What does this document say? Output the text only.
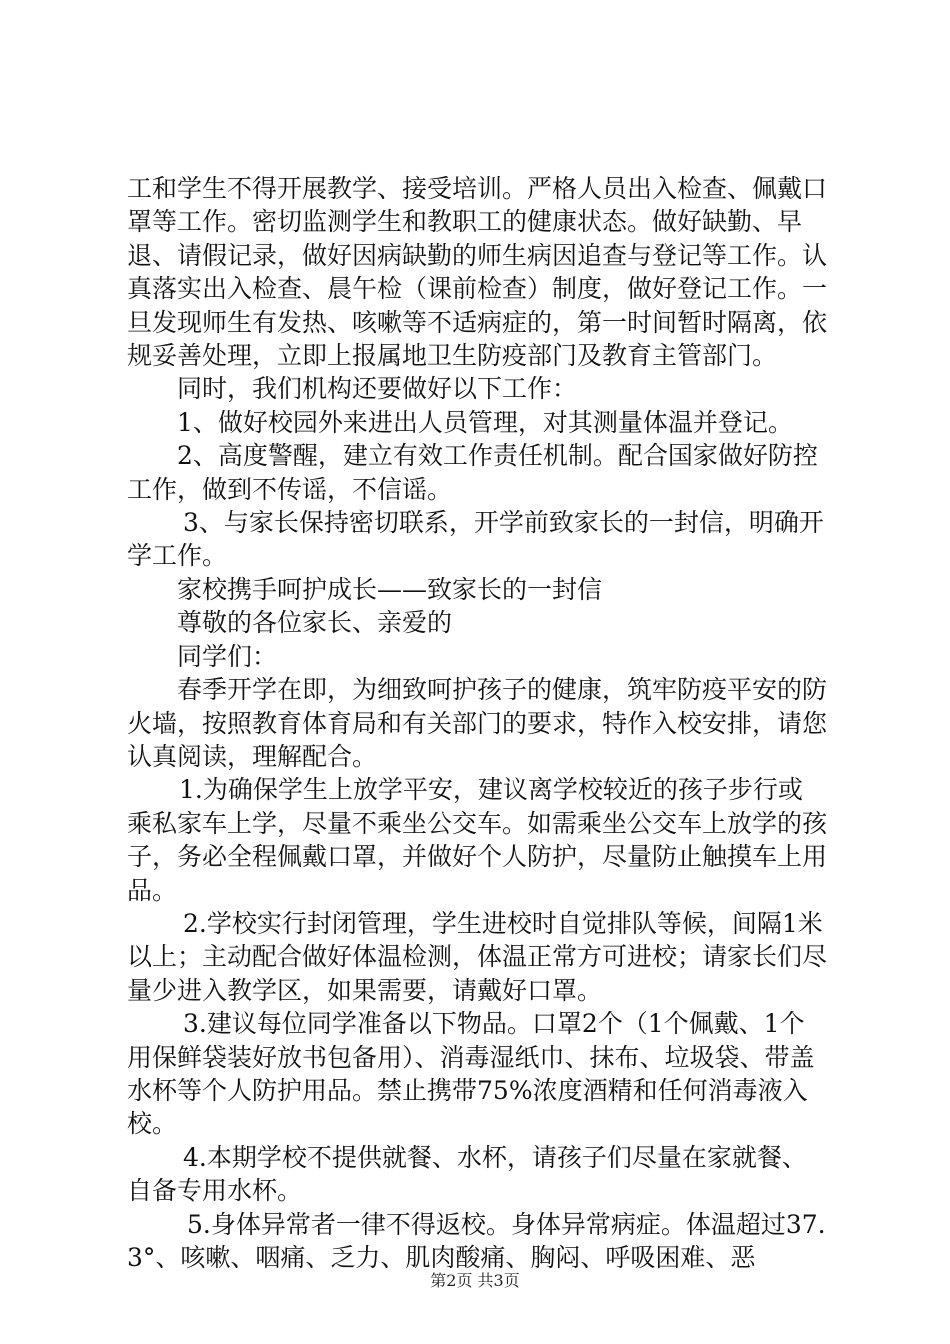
工和学生不得开展教学、接受培训。严格人员出入检查、佩戴口罩等工作。密切监测学生和教职工的健康状态。做好缺勤、早退、请假记录，做好因病缺勤的师生病因追查与登记等工作。认真落实出入检查、晨午检（课前检查）制度，做好登记工作。一旦发现师生有发热、咳嗽等不适病症的，第一时间暂时隔离，依规妥善处理，立即上报属地卫生防疫部门及教育主管部门。

同时，我们机构还要做好以下工作：

1、做好校园外来进出人员管理，对其测量体温并登记。

2、高度警醒，建立有效工作责任机制。配合国家做好防控工作，做到不传谣，不信谣。

3、与家长保持密切联系，开学前致家长的一封信，明确开学工作。

家校携手呵护成长——致家长的一封信

尊敬的各位家长、亲爱的

同学们：

春季开学在即，为细致呵护孩子的健康，筑牢防疫平安的防火墙，按照教育体育局和有关部门的要求，特作入校安排，请您认真阅读，理解配合。

1.为确保学生上放学平安，建议离学校较近的孩子步行或乘私家车上学，尽量不乘坐公交车。如需乘坐公交车上放学的孩子，务必全程佩戴口罩，并做好个人防护，尽量防止触摸车上用品。

2.学校实行封闭管理，学生进校时自觉排队等候，间隔1米以上；主动配合做好体温检测，体温正常方可进校；请家长们尽量少进入教学区，如果需要，请戴好口罩。

3.建议每位同学准备以下物品。口罩2个（1个佩戴、1个用保鲜袋装好放书包备用）、消毒湿纸巾、抹布、垃圾袋、带盖水杯等个人防护用品。禁止携带75%浓度酒精和任何消毒液入校。

4.本期学校不提供就餐、水杯，请孩子们尽量在家就餐、自备专用水杯。

5.身体异常者一律不得返校。身体异常病症。体温超过37.3°、咳嗽、咽痛、乏力、肌肉酸痛、胸闷、呼吸困难、恶

第2页 共3页
